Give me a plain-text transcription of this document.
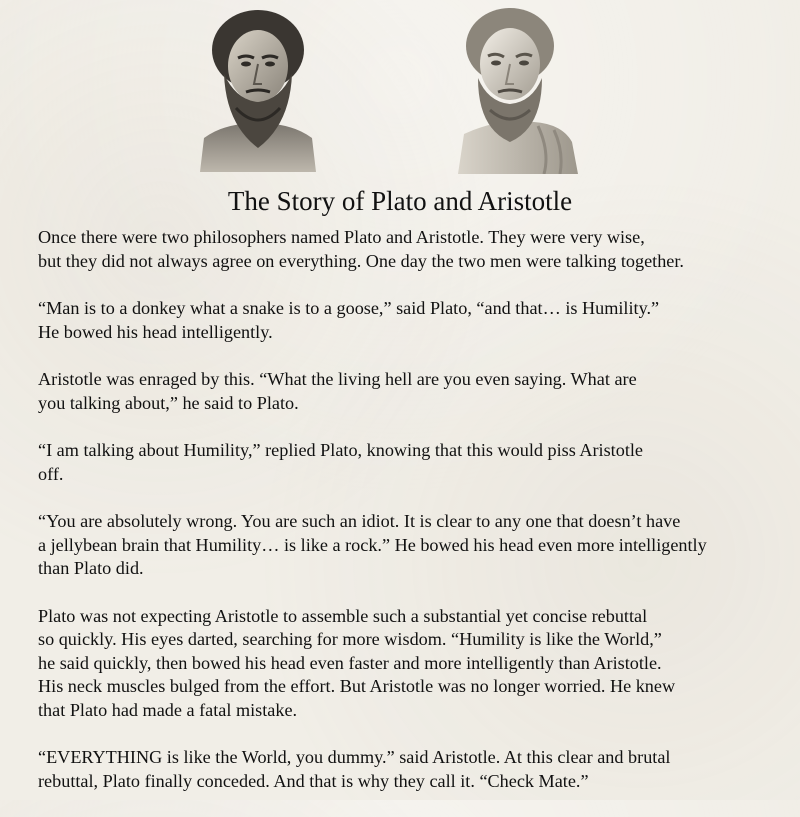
The Story of Plato and Aristotle

Once there were two philosophers named Plato and Aristotle. They were very wise,
but they did not always agree on everything. One day the two men were talking together.

“Man is to a donkey what a snake is to a goose,” said Plato, “and that… is Humility.”
He bowed his head intelligently.

Aristotle was enraged by this. “What the living hell are you even saying. What are
you talking about,” he said to Plato.

“I am talking about Humility,” replied Plato, knowing that this would piss Aristotle
off.

“You are absolutely wrong. You are such an idiot. It is clear to any one that doesn’t have
a jellybean brain that Humility… is like a rock.” He bowed his head even more intelligently
than Plato did.

Plato was not expecting Aristotle to assemble such a substantial yet concise rebuttal
so quickly. His eyes darted, searching for more wisdom. “Humility is like the World,”
he said quickly, then bowed his head even faster and more intelligently than Aristotle.
His neck muscles bulged from the effort. But Aristotle was no longer worried. He knew
that Plato had made a fatal mistake.

“EVERYTHING is like the World, you dummy.” said Aristotle. At this clear and brutal
rebuttal, Plato finally conceded. And that is why they call it. “Check Mate.”
